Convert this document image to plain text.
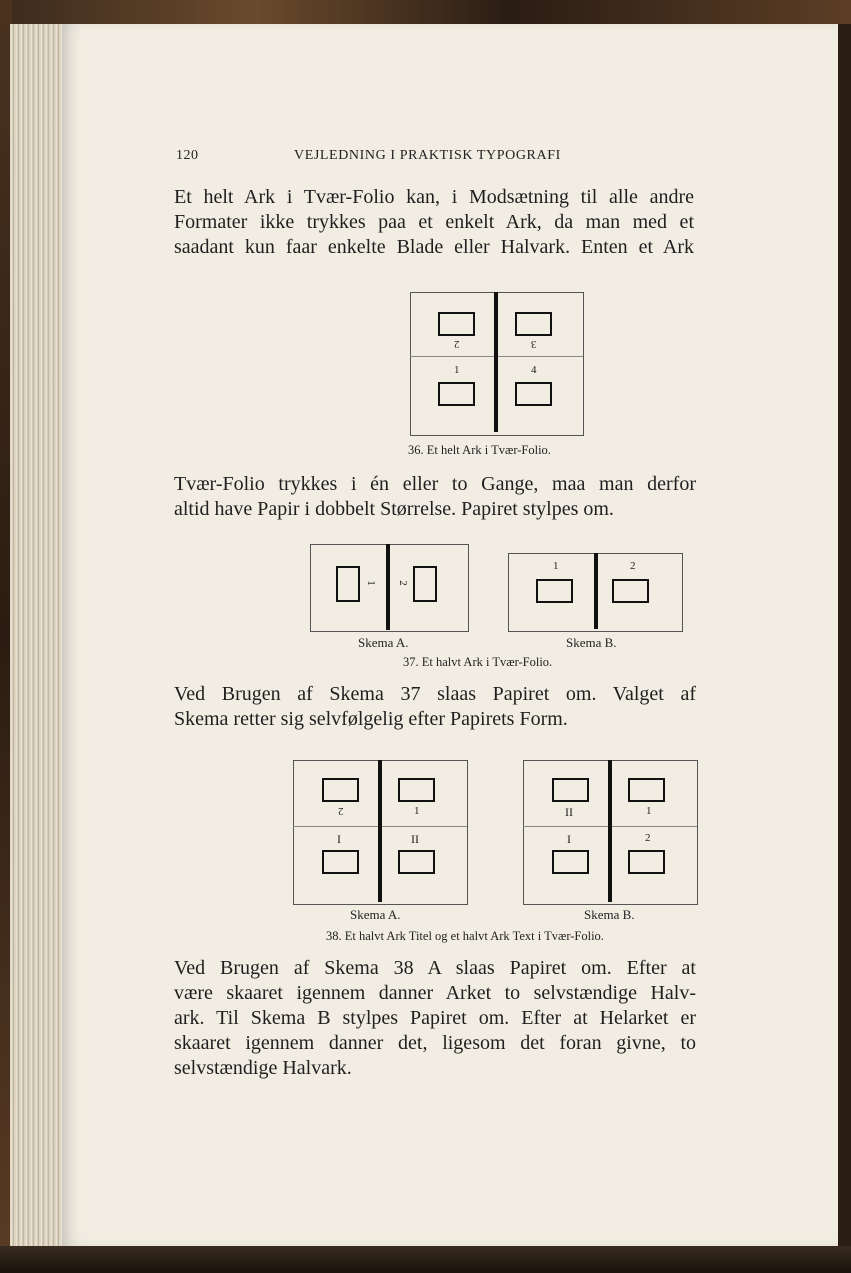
120	VEJLEDNING I PRAKTISK TYPOGRAFI
Et helt Ark i Tvær-Folio kan, i Modsætning til alle andre
Formater ikke trykkes paa et enkelt Ark, da man med et
saadant kun faar enkelte Blade eller Halvark. Enten et Ark
2	3
1	4
36. Et helt Ark i Tvær-Folio.
Tvær-Folio trykkes i én eller to Gange, maa man derfor
altid have Papir i dobbelt Størrelse. Papiret stylpes om.
1 2
1	2
Skema A.	Skema B.
37. Et halvt Ark i Tvær-Folio.
Ved Brugen af Skema 37 slaas Papiret om. Valget af
Skema retter sig selvfølgelig efter Papirets Form.
2	1
I	II
II	1
I	2
Skema A.	Skema B.
38. Et halvt Ark Titel og et halvt Ark Text i Tvær-Folio.
Ved Brugen af Skema 38 A slaas Papiret om. Efter at
være skaaret igennem danner Arket to selvstændige Halv-
ark. Til Skema B stylpes Papiret om. Efter at Helarket er
skaaret igennem danner det, ligesom det foran givne, to
selvstændige Halvark.
